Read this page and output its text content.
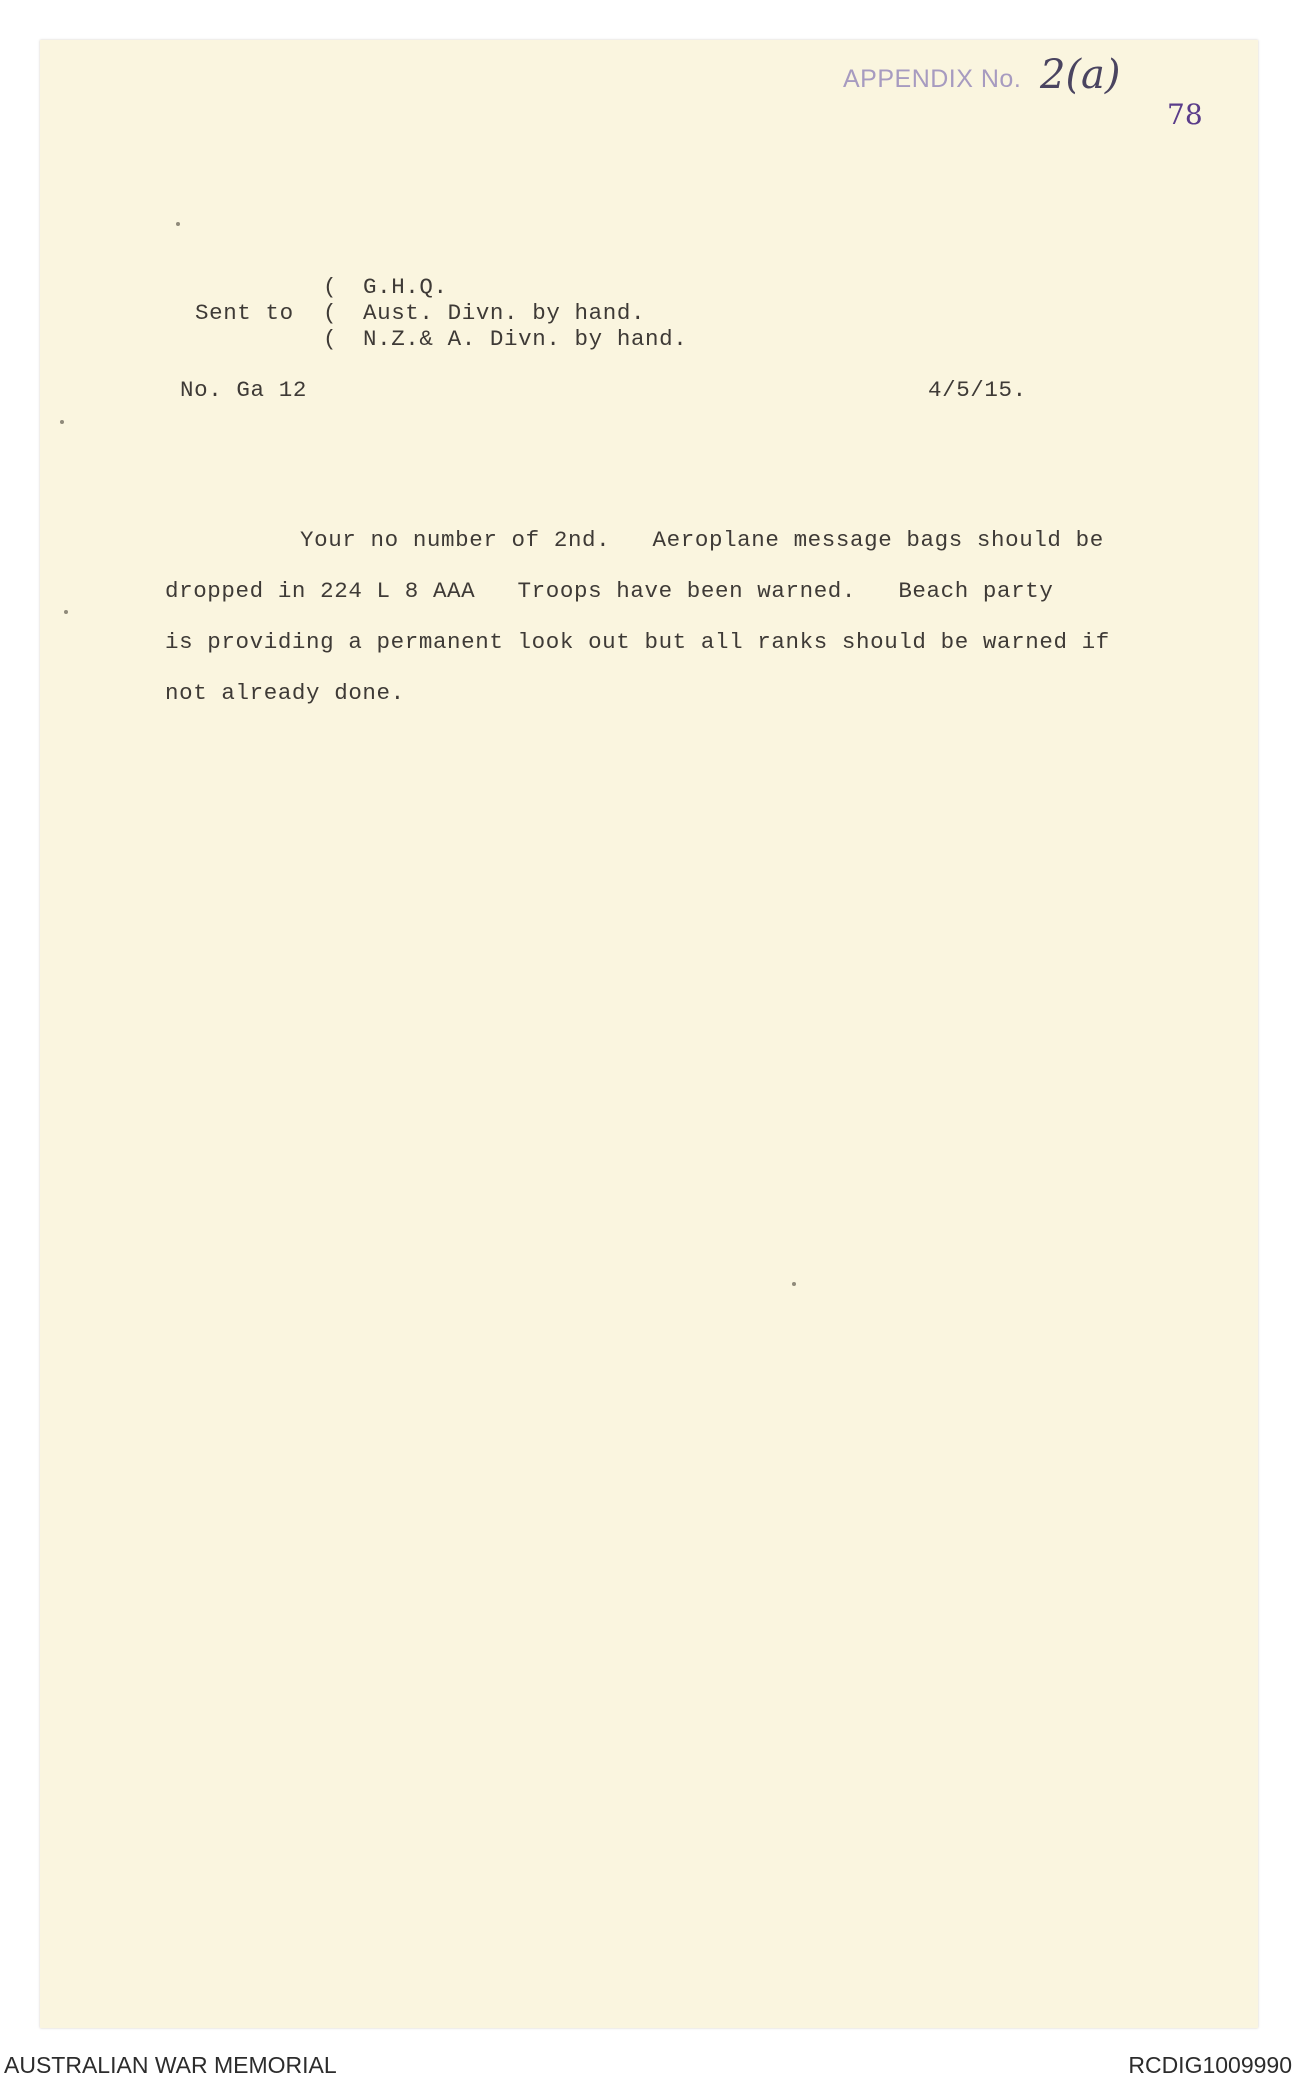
APPENDIX No. 2(a)
78
Sent to
(
(
(
G.H.Q.
Aust. Divn. by hand.
N.Z.& A. Divn. by hand.
No. Ga 12	4/5/15.
Your no number of 2nd.   Aeroplane message bags should be
dropped in 224 L 8 AAA   Troops have been warned.   Beach party
is providing a permanent look out but all ranks should be warned if
not already done.
AUSTRALIAN WAR MEMORIAL	RCDIG1009990
